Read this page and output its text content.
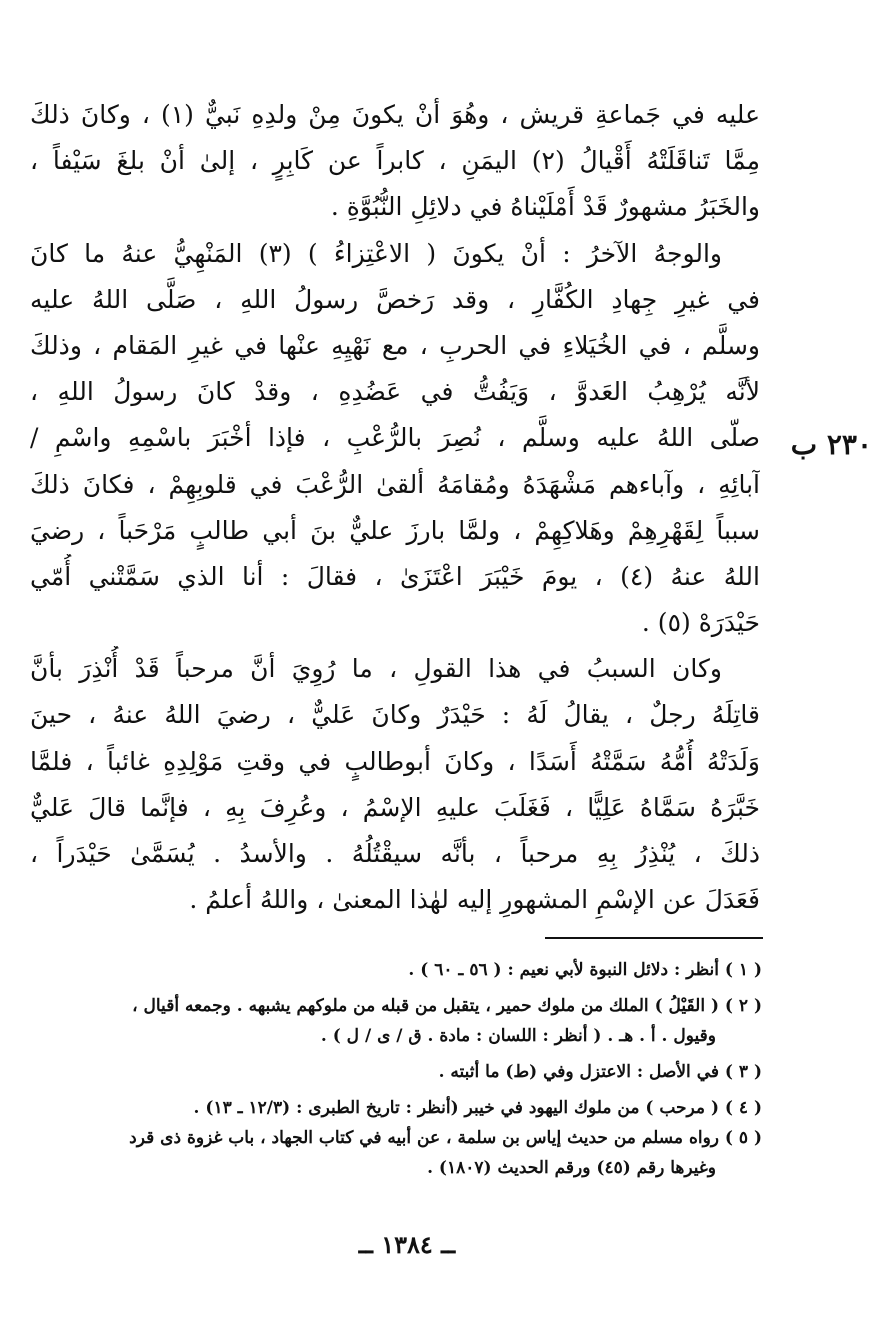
٢٣٠ ب
عليه في جَماعةِ قريش ، وهُوَ أنْ يكونَ مِنْ ولدِهِ نَبيٌّ (١) ، وكانَ ذلكَ
مِمَّا تَناقَلَتْهُ أَقْيالُ (٢) اليمَنِ ، كابراً عن كَابِرٍ ، إلىٰ أنْ بلغَ سَيْفاً ،
والخَبَرُ مشهورٌ قَدْ أَمْلَيْناهُ في دلائِلِ النُّبُوَّةِ .
والوجهُ الآخرُ : أنْ يكونَ ( الاعْتِزاءُ ) (٣) المَنْهِيُّ عنهُ ما كانَ
في غيرِ جِهادِ الكُفَّارِ ، وقد رَخصَّ رسولُ اللهِ ، صَلَّى اللهُ عليه
وسلَّم ، في الخُيَلاءِ في الحربِ ، مع نَهْيِهِ عنْها في غيرِ المَقام ، وذلكَ
لأنَّه يُرْهِبُ العَدوَّ ، وَيَفُتُّ في عَضُدِهِ ، وقدْ كانَ رسولُ اللهِ ،
صلّى اللهُ عليه وسلَّم ، نُصِرَ بالرُّعْبِ ، فإذا أخْبَرَ باسْمِهِ واسْمِ /
آبائِهِ ، وآباءهم مَشْهَدَهُ ومُقامَهُ ألقىٰ الرُّعْبَ في قلوبِهِمْ ، فكانَ ذلكَ
سبباً لِقَهْرِهِمْ وهَلاكِهِمْ ، ولمَّا بارزَ عليٌّ بنَ أبي طالبٍ مَرْحَباً ، رضيَ
اللهُ عنهُ (٤) ، يومَ خَيْبَرَ اعْتَزَىٰ ، فقالَ : أنا الذي سَمَّتْني أُمّي
حَيْدَرَهْ (٥) .
وكان السببُ في هذا القولِ ، ما رُوِيَ أنَّ مرحباً قَدْ أُنْذِرَ بأنَّ
قاتِلَهُ رجلٌ ، يقالُ لَهُ : حَيْدَرٌ وكانَ عَليٌّ ، رضيَ اللهُ عنهُ ، حينَ
وَلَدَتْهُ أُمُّهُ سَمَّتْهُ أَسَدًا ، وكانَ أبوطالبٍ في وقتِ مَوْلِدِهِ غائباً ، فلمَّا
خَبَّرَهُ سَمَّاهُ عَلِيًّا ، فَغَلَبَ عليهِ الإسْمُ ، وعُرِفَ بِهِ ، فإنَّما قالَ عَليٌّ
ذلكَ ، يُنْذِرُ بِهِ مرحباً ، بأنَّه سيقْتُلُهُ . والأسدُ . يُسَمَّىٰ حَيْدَراً ،
فَعَدَلَ عن الإسْمِ المشهورِ إليه لهٰذا المعنىٰ ، واللهُ أعلمُ .
( ١ ) أنظر : دلائل النبوة لأبي نعيم : ( ٥٦ ـ ٦٠ ) .
( ٢ ) ( القَيْلُ ) الملك من ملوك حمير ، يتقبل من قبله من ملوكهم يشبهه . وجمعه أقيال ،
وقيول . أ . هـ . ( أنظر : اللسان : مادة . ق / ى / ل ) .
( ٣ ) في الأصل : الاعتزل وفي (ط) ما أثبته .
( ٤ ) ( مرحب ) من ملوك اليهود في خيبر (أنظر : تاريخ الطبرى : (١٢/٣ ـ ١٣) .
( ٥ ) رواه مسلم من حديث إياس بن سلمة ، عن أبيه في كتاب الجهاد ، باب غزوة ذى قرد
وغيرها رقم (٤٥) ورقم الحديث (١٨٠٧) .
ــ ١٣٨٤ ــ
